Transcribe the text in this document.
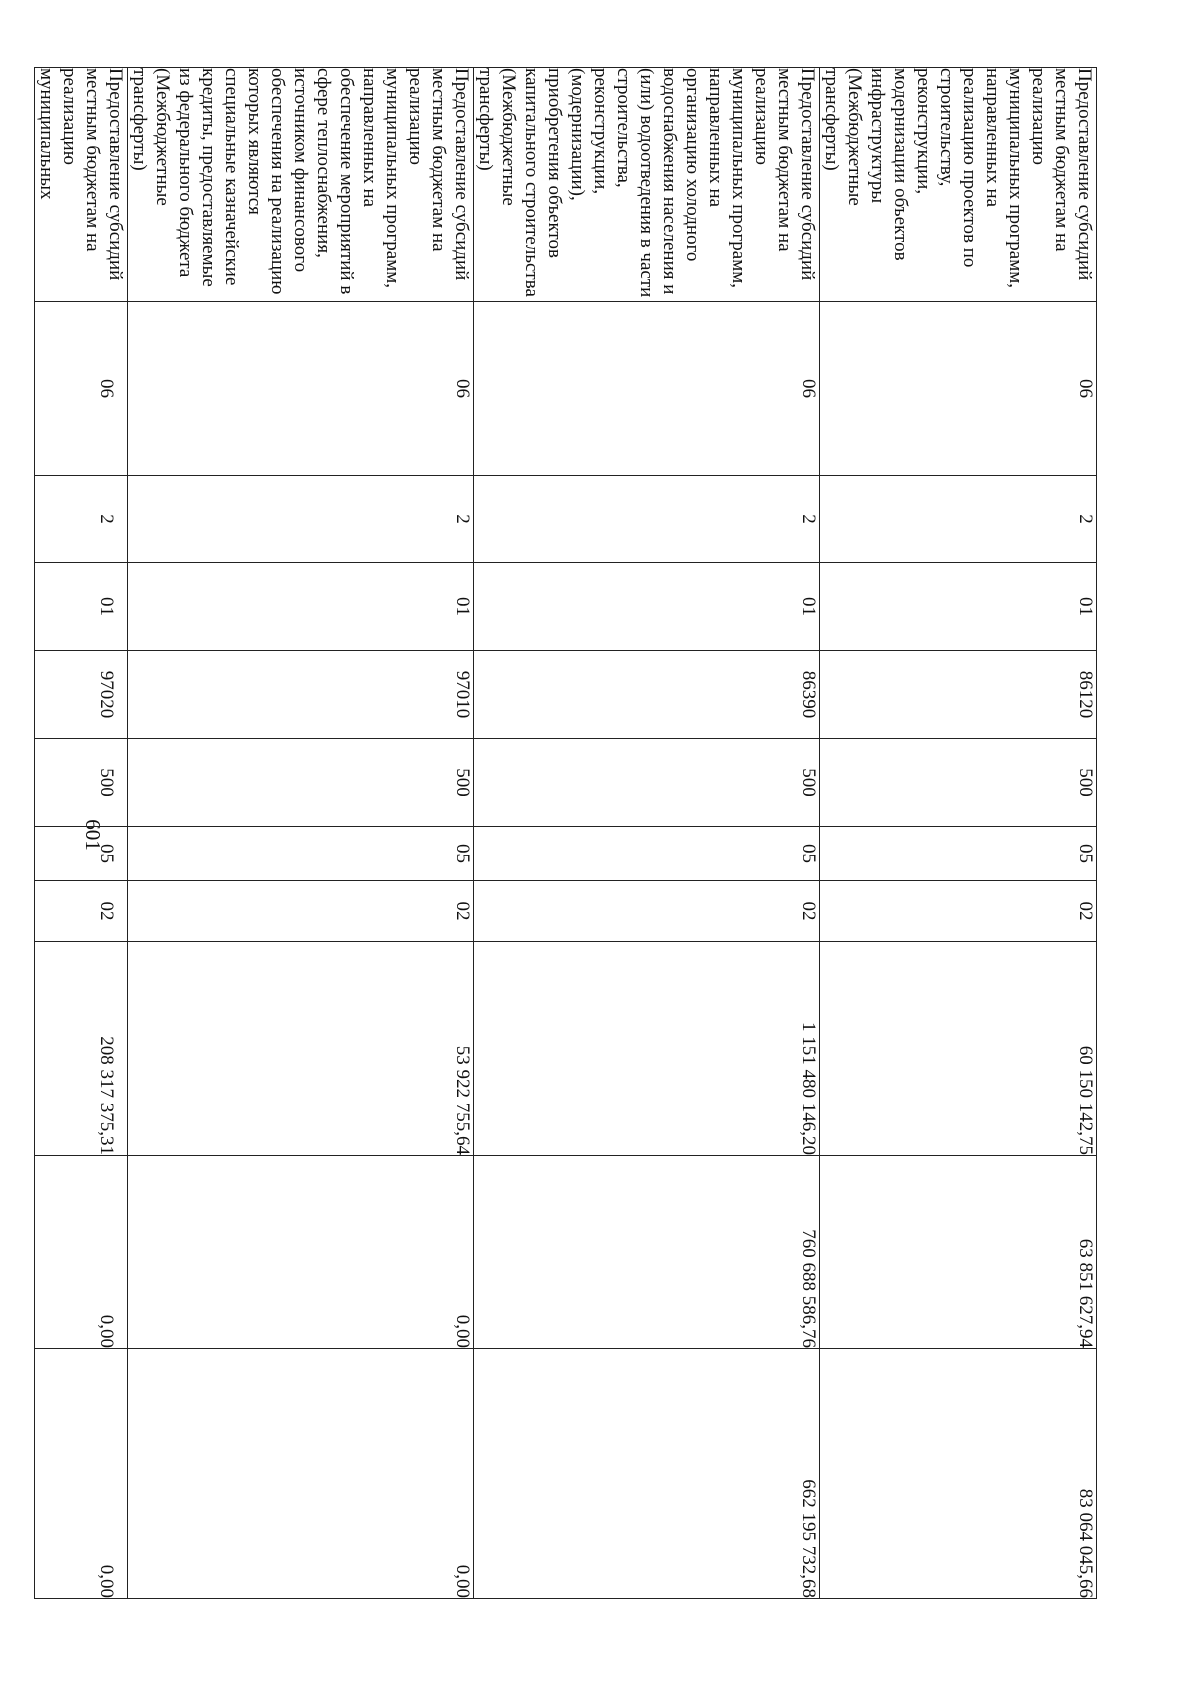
601
Предоставление субсидий местным бюджетам на реализацию муниципальных программ, направленных на реализацию проектов по строительству, реконструкции, модернизации объектов инфраструктуры (Межбюджетные трансферты)	06	2	01	86120	500	05	02	60 150 142,75	63 851 627,94	83 064 045,66
Предоставление субсидий местным бюджетам на реализацию муниципальных программ, направленных на организацию холодного водоснабжения населения и (или) водоотведения в части строительства, реконструкции, (модернизации), приобретения объектов капитального строительства (Межбюджетные трансферты)	06	2	01	86390	500	05	02	1 151 480 146,20	760 688 586,76	662 195 732,68
Предоставление субсидий местным бюджетам на реализацию муниципальных программ, направленных на обеспечение мероприятий в сфере теплоснабжения, источником финансового обеспечения на реализацию которых являются специальные казначейские кредиты, предоставляемые из федерального бюджета (Межбюджетные трансферты)	06	2	01	97010	500	05	02	53 922 755,64	0,00	0,00
Предоставление субсидий местным бюджетам на реализацию муниципальных	06	2	01	97020	500	05	02	208 317 375,31	0,00	0,00
